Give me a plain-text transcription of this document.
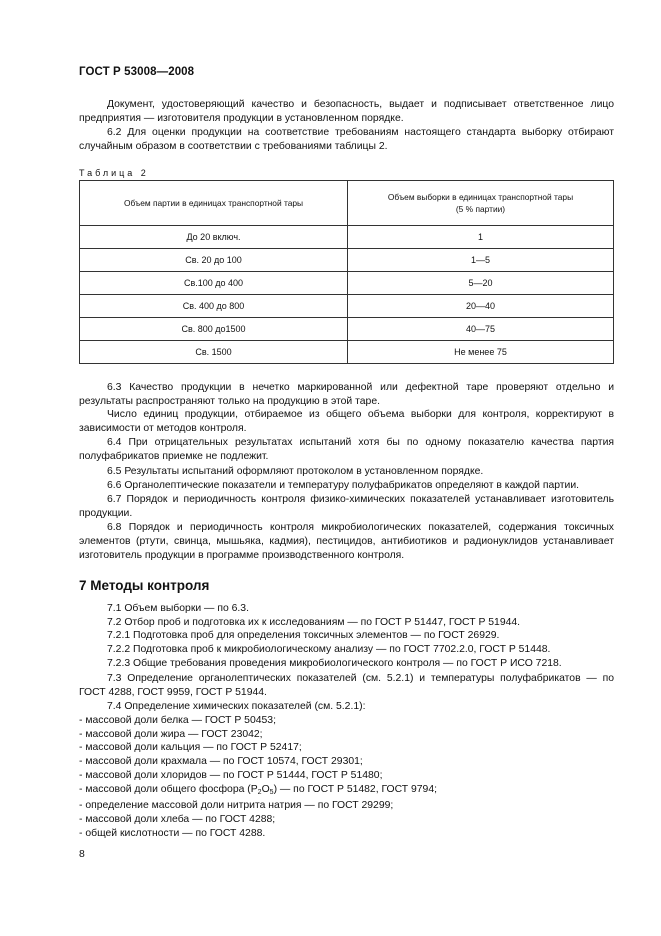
ГОСТ Р 53008—2008
Документ, удостоверяющий качество и безопасность, выдает и подписывает ответственное лицо предприятия — изготовителя продукции в установленном порядке.
6.2 Для оценки продукции на соответствие требованиям настоящего стандарта выборку отбирают случайным образом в соответствии с требованиями таблицы 2.
Таблица 2
Объем партии в единицах транспортной тары	Объем выборки в единицах транспортной тары
(5 % партии)
До 20 включ.	1
Св. 20 до 100	1—5
Св.100 до 400	5—20
Св. 400 до 800	20—40
Св. 800 до1500	40—75
Св. 1500	Не менее 75
6.3 Качество продукции в нечетко маркированной или дефектной таре проверяют отдельно и результаты распространяют только на продукцию в этой таре.
Число единиц продукции, отбираемое из общего объема выборки для контроля, корректируют в зависимости от методов контроля.
6.4 При отрицательных результатах испытаний хотя бы по одному показателю качества партия полуфабрикатов приемке не подлежит.
6.5 Результаты испытаний оформляют протоколом в установленном порядке.
6.6 Органолептические показатели и температуру полуфабрикатов определяют в каждой партии.
6.7 Порядок и периодичность контроля физико-химических показателей устанавливает изготовитель продукции.
6.8 Порядок и периодичность контроля микробиологических показателей, содержания токсичных элементов (ртути, свинца, мышьяка, кадмия), пестицидов, антибиотиков и радионуклидов устанавливает изготовитель продукции в программе производственного контроля.
7 Методы контроля
7.1 Объем выборки — по 6.3.
7.2 Отбор проб и подготовка их к исследованиям — по ГОСТ Р 51447, ГОСТ Р 51944.
7.2.1 Подготовка проб для определения токсичных элементов — по ГОСТ 26929.
7.2.2 Подготовка проб к микробиологическому анализу — по ГОСТ 7702.2.0, ГОСТ Р 51448.
7.2.3 Общие требования проведения микробиологического контроля — по ГОСТ Р ИСО 7218.
7.3 Определение органолептических показателей (см. 5.2.1) и температуры полуфабрикатов — по ГОСТ 4288, ГОСТ 9959, ГОСТ Р 51944.
7.4 Определение химических показателей (см. 5.2.1):
- массовой доли белка — ГОСТ Р 50453;
- массовой доли жира — ГОСТ 23042;
- массовой доли кальция — по ГОСТ Р 52417;
- массовой доли крахмала — по ГОСТ 10574, ГОСТ 29301;
- массовой доли хлоридов — по ГОСТ Р 51444, ГОСТ Р 51480;
- массовой доли общего фосфора $(P_2O_5)$ — по ГОСТ Р 51482, ГОСТ 9794;
- определение массовой доли нитрита натрия — по ГОСТ 29299;
- массовой доли хлеба — по ГОСТ 4288;
- общей кислотности — по ГОСТ 4288.
8
